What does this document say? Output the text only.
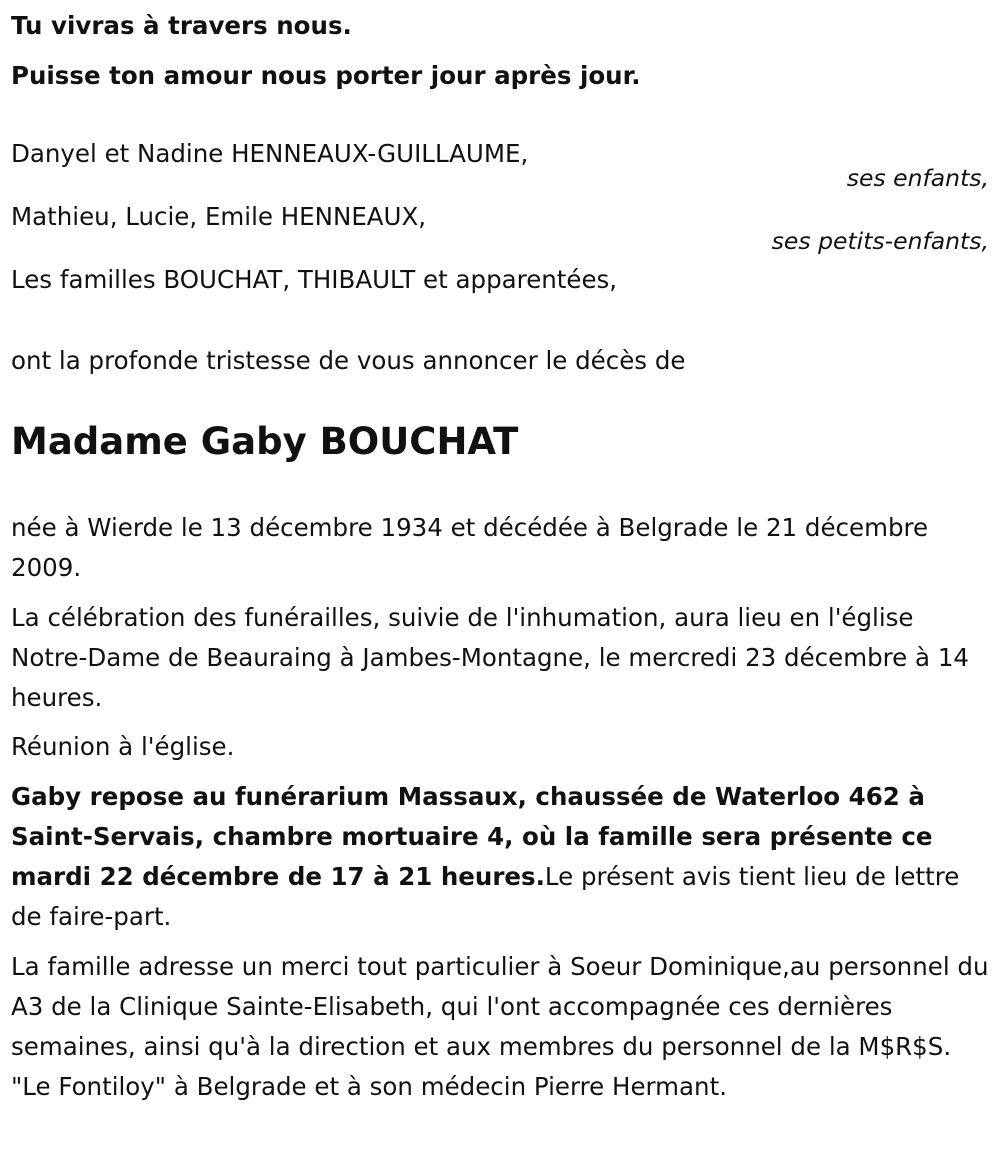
Tu vivras à travers nous.
Puisse ton amour nous porter jour après jour.
Danyel et Nadine HENNEAUX-GUILLAUME,
ses enfants,
Mathieu, Lucie, Emile HENNEAUX,
ses petits-enfants,
Les familles BOUCHAT, THIBAULT et apparentées,
ont la profonde tristesse de vous annoncer le décès de
Madame Gaby BOUCHAT
née à Wierde le 13 décembre 1934 et décédée à Belgrade le 21 décembre 2009.
La célébration des funérailles, suivie de l'inhumation, aura lieu en l'église Notre-Dame de Beauraing à Jambes-Montagne, le mercredi 23 décembre à 14 heures.
Réunion à l'église.
Gaby repose au funérarium Massaux, chaussée de Waterloo 462 à Saint-Servais, chambre mortuaire 4, où la famille sera présente ce mardi 22 décembre de 17 à 21 heures.Le présent avis tient lieu de lettre de faire-part.
La famille adresse un merci tout particulier à Soeur Dominique,au personnel du A3 de la Clinique Sainte-Elisabeth, qui l'ont accompagnée ces dernières semaines, ainsi qu'à la direction et aux membres du personnel de la M$R$S. "Le Fontiloy" à Belgrade et à son médecin Pierre Hermant.
